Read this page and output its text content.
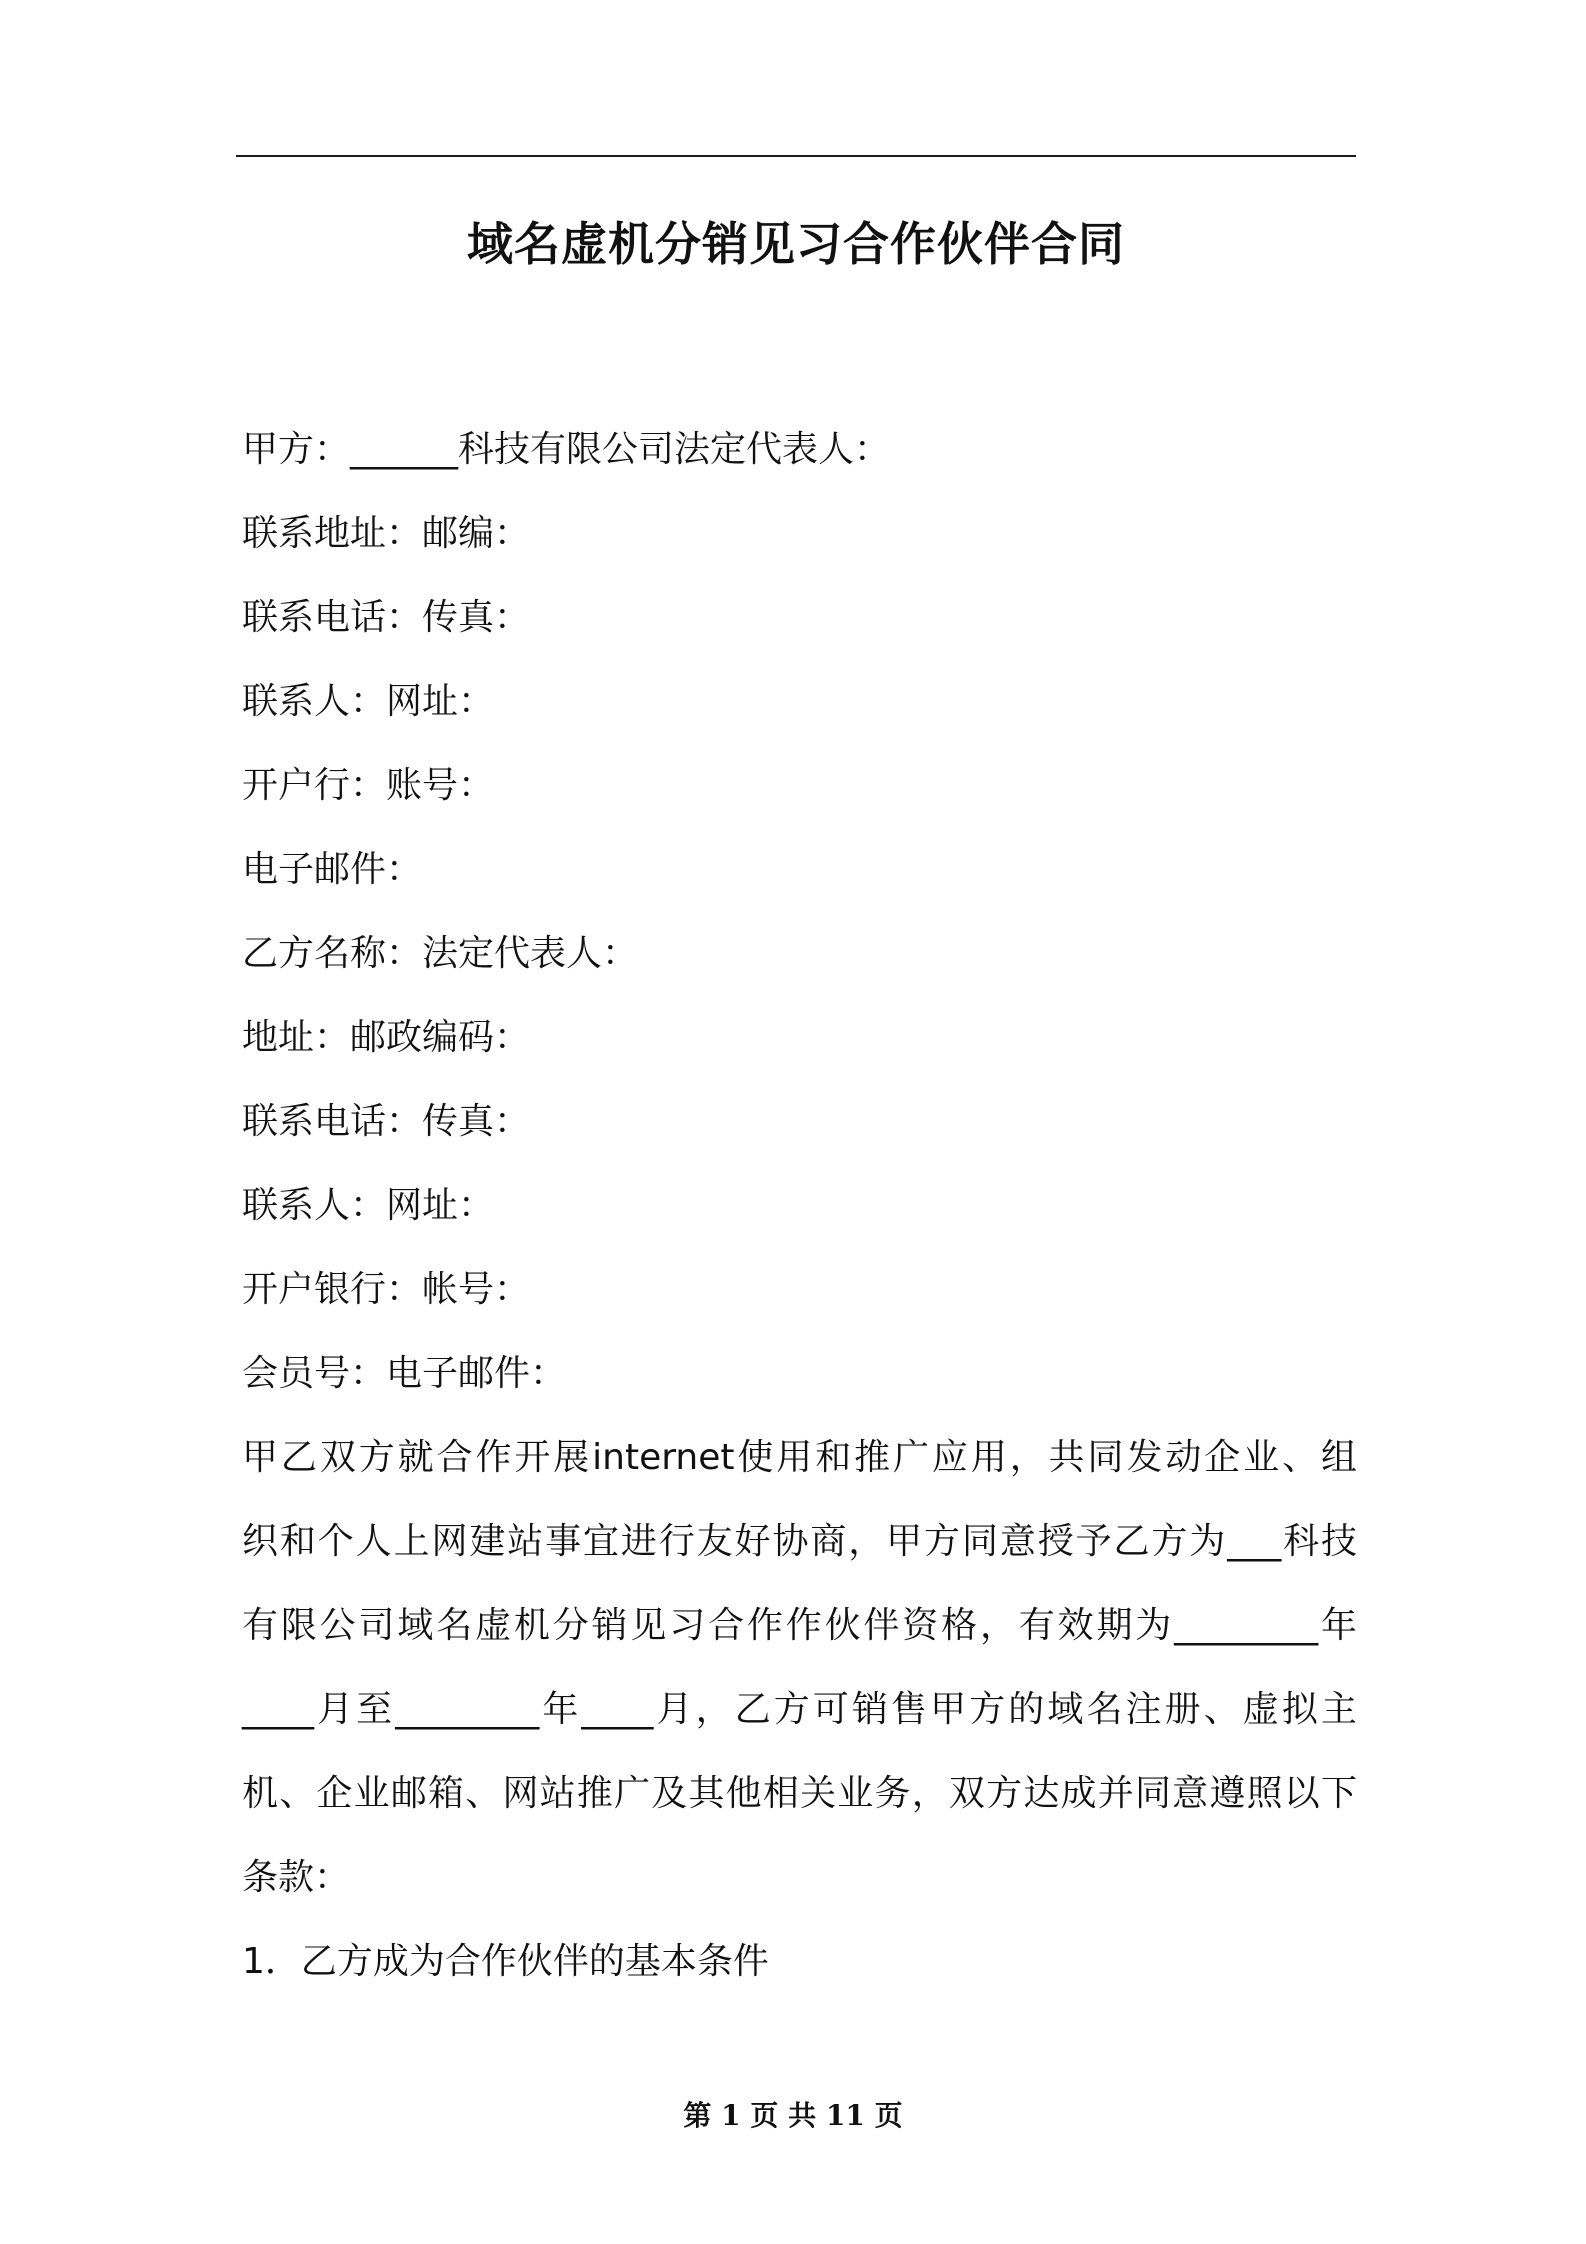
域名虚机分销见习合作伙伴合同

甲方：______科技有限公司法定代表人：

联系地址：邮编：

联系电话：传真：

联系人：网址：

开户行：账号：

电子邮件：

乙方名称：法定代表人：

地址：邮政编码：

联系电话：传真：

联系人：网址：

开户银行：帐号：

会员号：电子邮件：

甲乙双方就合作开展internet使用和推广应用，共同发动企业、组
织和个人上网建站事宜进行友好协商，甲方同意授予乙方为___科技
有限公司域名虚机分销见习合作作伙伴资格，有效期为________年
____月至________年____月，乙方可销售甲方的域名注册、虚拟主
机、企业邮箱、网站推广及其他相关业务，双方达成并同意遵照以下
条款：

1．乙方成为合作伙伴的基本条件

第 1 页 共 11 页
